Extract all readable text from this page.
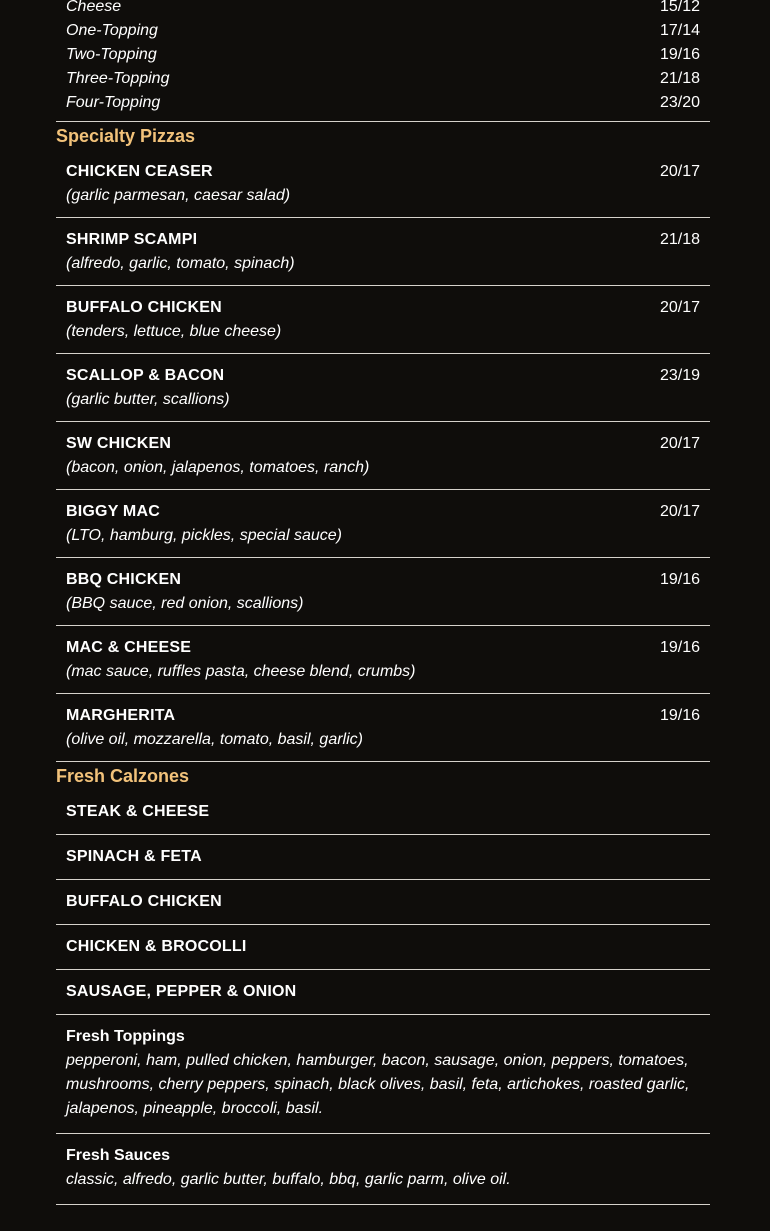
Cheese	15/12
One-Topping	17/14
Two-Topping	19/16
Three-Topping	21/18
Four-Topping	23/20
Specialty Pizzas
CHICKEN CEASER	20/17
(garlic parmesan, caesar salad)
SHRIMP SCAMPI	21/18
(alfredo, garlic, tomato, spinach)
BUFFALO CHICKEN	20/17
(tenders, lettuce, blue cheese)
SCALLOP & BACON	23/19
(garlic butter, scallions)
SW CHICKEN	20/17
(bacon, onion, jalapenos, tomatoes, ranch)
BIGGY MAC	20/17
(LTO, hamburg, pickles, special sauce)
BBQ CHICKEN	19/16
(BBQ sauce, red onion, scallions)
MAC & CHEESE	19/16
(mac sauce, ruffles pasta, cheese blend, crumbs)
MARGHERITA	19/16
(olive oil, mozzarella, tomato, basil, garlic)
Fresh Calzones
STEAK & CHEESE
SPINACH & FETA
BUFFALO CHICKEN
CHICKEN & BROCOLLI
SAUSAGE, PEPPER & ONION
Fresh Toppings
pepperoni, ham, pulled chicken, hamburger, bacon, sausage, onion, peppers, tomatoes, mushrooms, cherry peppers, spinach, black olives, basil, feta, artichokes, roasted garlic, jalapenos, pineapple, broccoli, basil.
Fresh Sauces
classic, alfredo, garlic butter, buffalo, bbq, garlic parm, olive oil.
